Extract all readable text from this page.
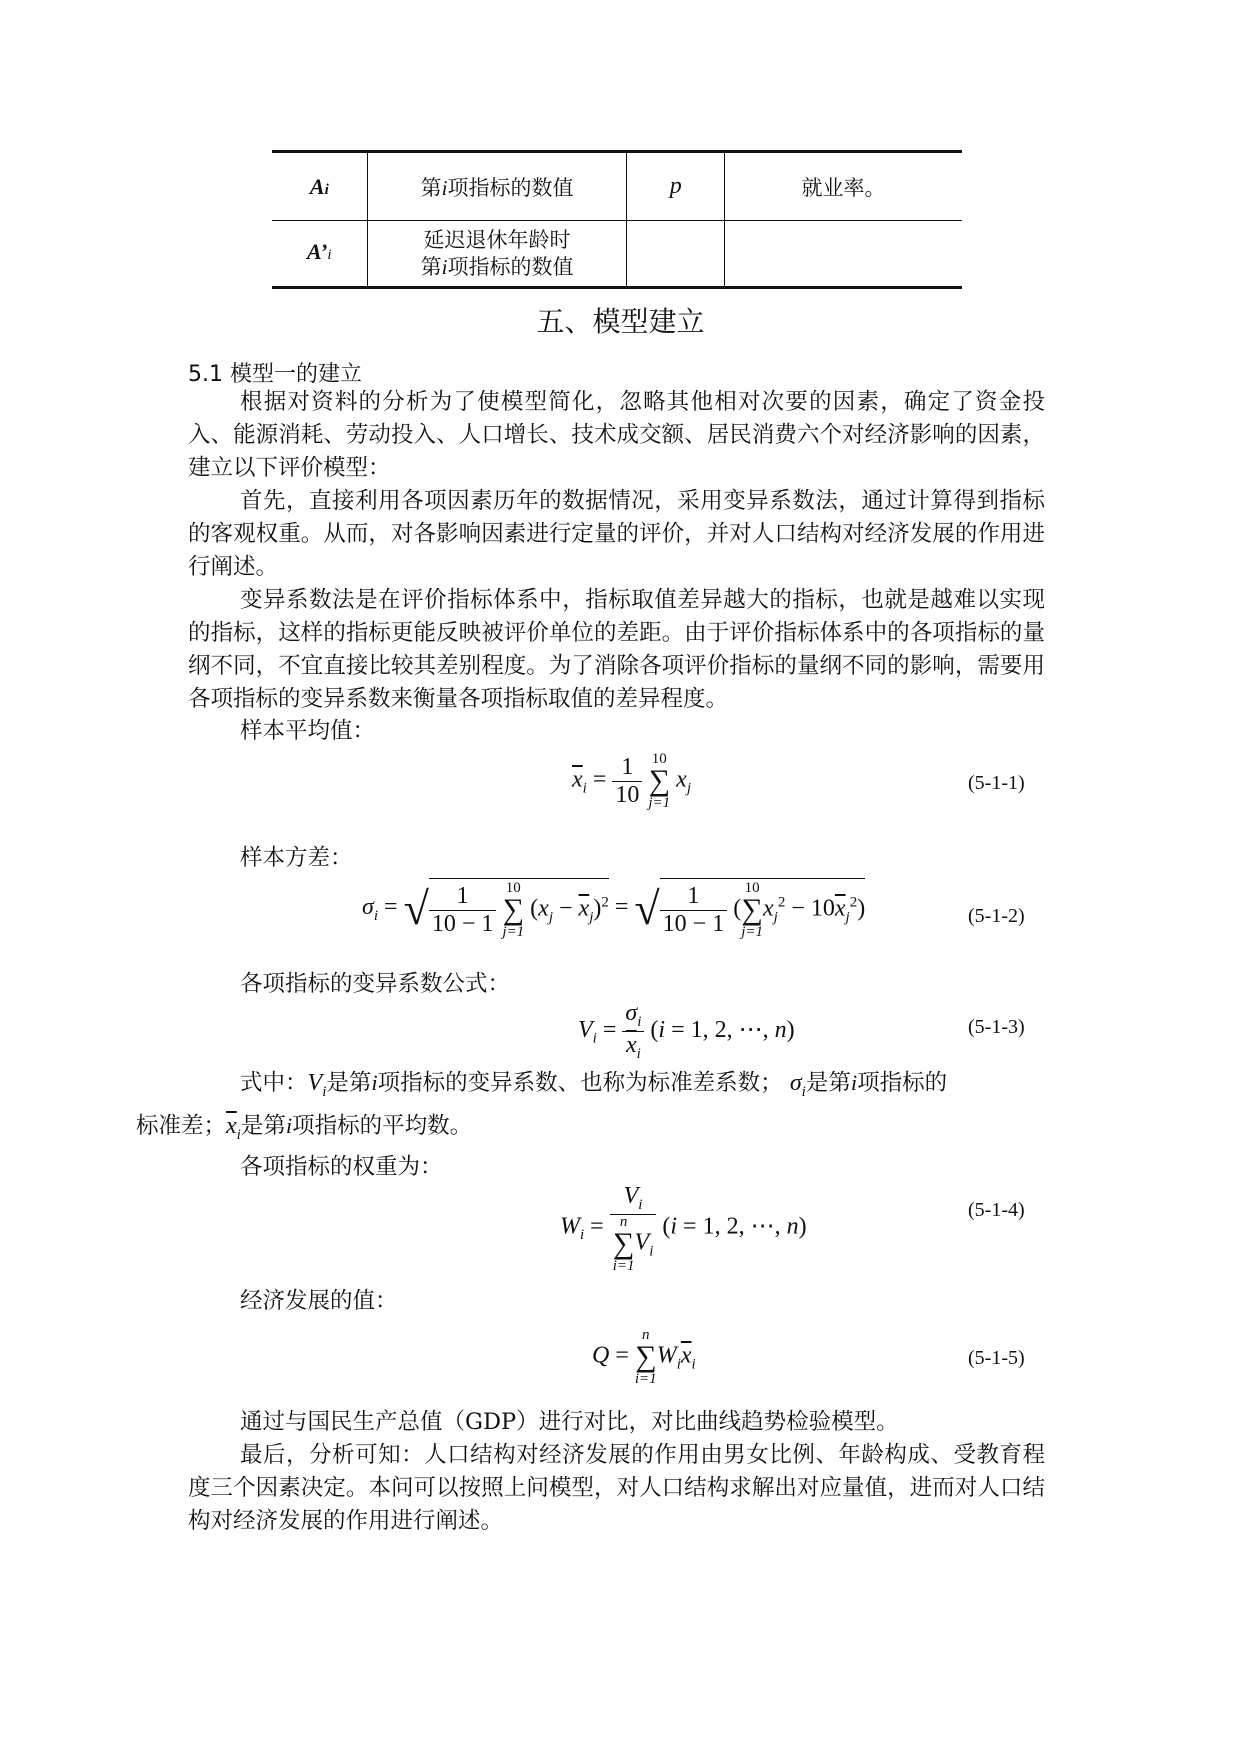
Ai	第i项指标的数值	p	就业率。
A’i	延迟退休年龄时
第i项指标的数值		

五、模型建立
5.1 模型一的建立

根据对资料的分析为了使模型简化，忽略其他相对次要的因素，确定了资金投入、能源消耗、劳动投入、人口增长、技术成交额、居民消费六个对经济影响的因素，建立以下评价模型：

首先，直接利用各项因素历年的数据情况，采用变异系数法，通过计算得到指标的客观权重。从而，对各影响因素进行定量的评价，并对人口结构对经济发展的作用进行阐述。

变异系数法是在评价指标体系中，指标取值差异越大的指标，也就是越难以实现的指标，这样的指标更能反映被评价单位的差距。由于评价指标体系中的各项指标的量纲不同，不宜直接比较其差别程度。为了消除各项评价指标的量纲不同的影响，需要用各项指标的变异系数来衡量各项指标取值的差异程度。

样本平均值：
$\overline{x}_i = \frac{1}{10}$
10
∑
j=1
$x_j$	(5-1-1)
样本方差：
$\sigma_i$ = √ $\frac{1}{10 - 1}$
10
∑
j=1
$(x_j - \overline{x}_j)^2$ = √ $\frac{1}{10 - 1}$ (
10
∑
j=1
$x_j^2 - 10\overline{x}_j^2$)	(5-1-2)
各项指标的变异系数公式：
$V_i = \frac{\sigma_i}{\overline{x}_i} (i = 1$, 2, ⋯, n)	(5-1-3)
式中：$V_i$是第i项指标的变异系数、也称为标准差系数； $\sigma_i$是第i项指标的
标准差；$\overline{x}_i$是第i项指标的平均数。
各项指标的权重为：
$W_i = V_i$
n
∑
i=1
$V_i$ (i = 1, 2, ⋯, n)
(5-1-4)
经济发展的值：
Q =
n
∑
i=1
$W_i\overline{x}_i$	(5-1-5)

通过与国民生产总值（GDP）进行对比，对比曲线趋势检验模型。

最后，分析可知：人口结构对经济发展的作用由男女比例、年龄构成、受教育程度三个因素决定。本问可以按照上问模型，对人口结构求解出对应量值，进而对人口结构对经济发展的作用进行阐述。
